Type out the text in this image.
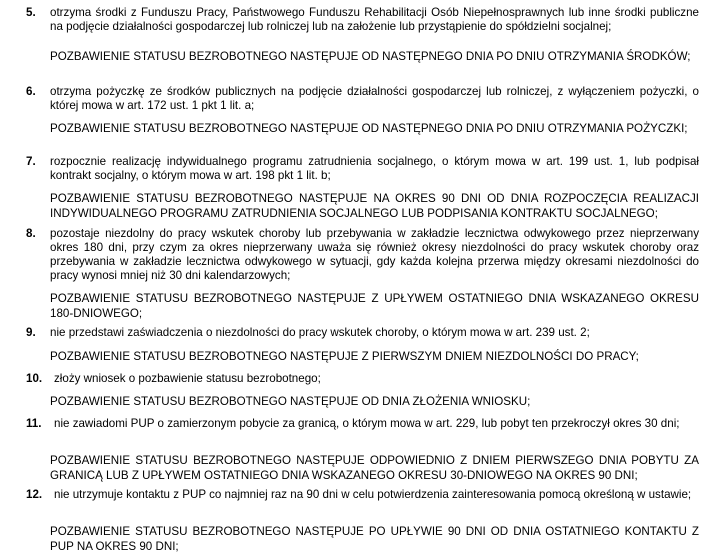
5. otrzyma środki z Funduszu Pracy, Państwowego Funduszu Rehabilitacji Osób Niepełnosprawnych lub inne środki publiczne na podjęcie działalności gospodarczej lub rolniczej lub na założenie lub przystąpienie do spółdzielni socjalnej;
POZBAWIENIE STATUSU BEZROBOTNEGO NASTĘPUJE OD NASTĘPNEGO DNIA PO DNIU OTRZYMANIA ŚRODKÓW;
6. otrzyma pożyczkę ze środków publicznych na podjęcie działalności gospodarczej lub rolniczej, z wyłączeniem pożyczki, o której mowa w art. 172 ust. 1 pkt 1 lit. a;
POZBAWIENIE STATUSU BEZROBOTNEGO NASTĘPUJE OD NASTĘPNEGO DNIA PO DNIU OTRZYMANIA POŻYCZKI;
7. rozpocznie realizację indywidualnego programu zatrudnienia socjalnego, o którym mowa w art. 199 ust. 1, lub podpisał kontrakt socjalny, o którym mowa w art. 198 pkt 1 lit. b;
POZBAWIENIE STATUSU BEZROBOTNEGO NASTĘPUJE NA OKRES 90 DNI OD DNIA ROZPOCZĘCIA REALIZACJI INDYWIDUALNEGO PROGRAMU ZATRUDNIENIA SOCJALNEGO LUB PODPISANIA KONTRAKTU SOCJALNEGO;
8. pozostaje niezdolny do pracy wskutek choroby lub przebywania w zakładzie lecznictwa odwykowego przez nieprzerwany okres 180 dni, przy czym za okres nieprzerwany uważa się również okresy niezdolności do pracy wskutek choroby oraz przebywania w zakładzie lecznictwa odwykowego w sytuacji, gdy każda kolejna przerwa między okresami niezdolności do pracy wynosi mniej niż 30 dni kalendarzowych;
POZBAWIENIE STATUSU BEZROBOTNEGO NASTĘPUJE Z UPŁYWEM OSTATNIEGO DNIA WSKAZANEGO OKRESU 180-DNIOWEGO;
9. nie przedstawi zaświadczenia o niezdolności do pracy wskutek choroby, o którym mowa w art. 239 ust. 2;
POZBAWIENIE STATUSU BEZROBOTNEGO NASTĘPUJE Z PIERWSZYM DNIEM NIEZDOLNOŚCI DO PRACY;
10. złoży wniosek o pozbawienie statusu bezrobotnego;
POZBAWIENIE STATUSU BEZROBOTNEGO NASTĘPUJE OD DNIA ZŁOŻENIA WNIOSKU;
11. nie zawiadomi PUP o zamierzonym pobycie za granicą, o którym mowa w art. 229, lub pobyt ten przekroczył okres 30 dni;
POZBAWIENIE STATUSU BEZROBOTNEGO NASTĘPUJE ODPOWIEDNIO Z DNIEM PIERWSZEGO DNIA POBYTU ZA GRANICĄ LUB Z UPŁYWEM OSTATNIEGO DNIA WSKAZANEGO OKRESU 30-DNIOWEGO NA OKRES 90 DNI;
12. nie utrzymuje kontaktu z PUP co najmniej raz na 90 dni w celu potwierdzenia zainteresowania pomocą określoną w ustawie;
POZBAWIENIE STATUSU BEZROBOTNEGO NASTĘPUJE PO UPŁYWIE 90 DNI OD DNIA OSTATNIEGO KONTAKTU Z PUP NA OKRES 90 DNI;
